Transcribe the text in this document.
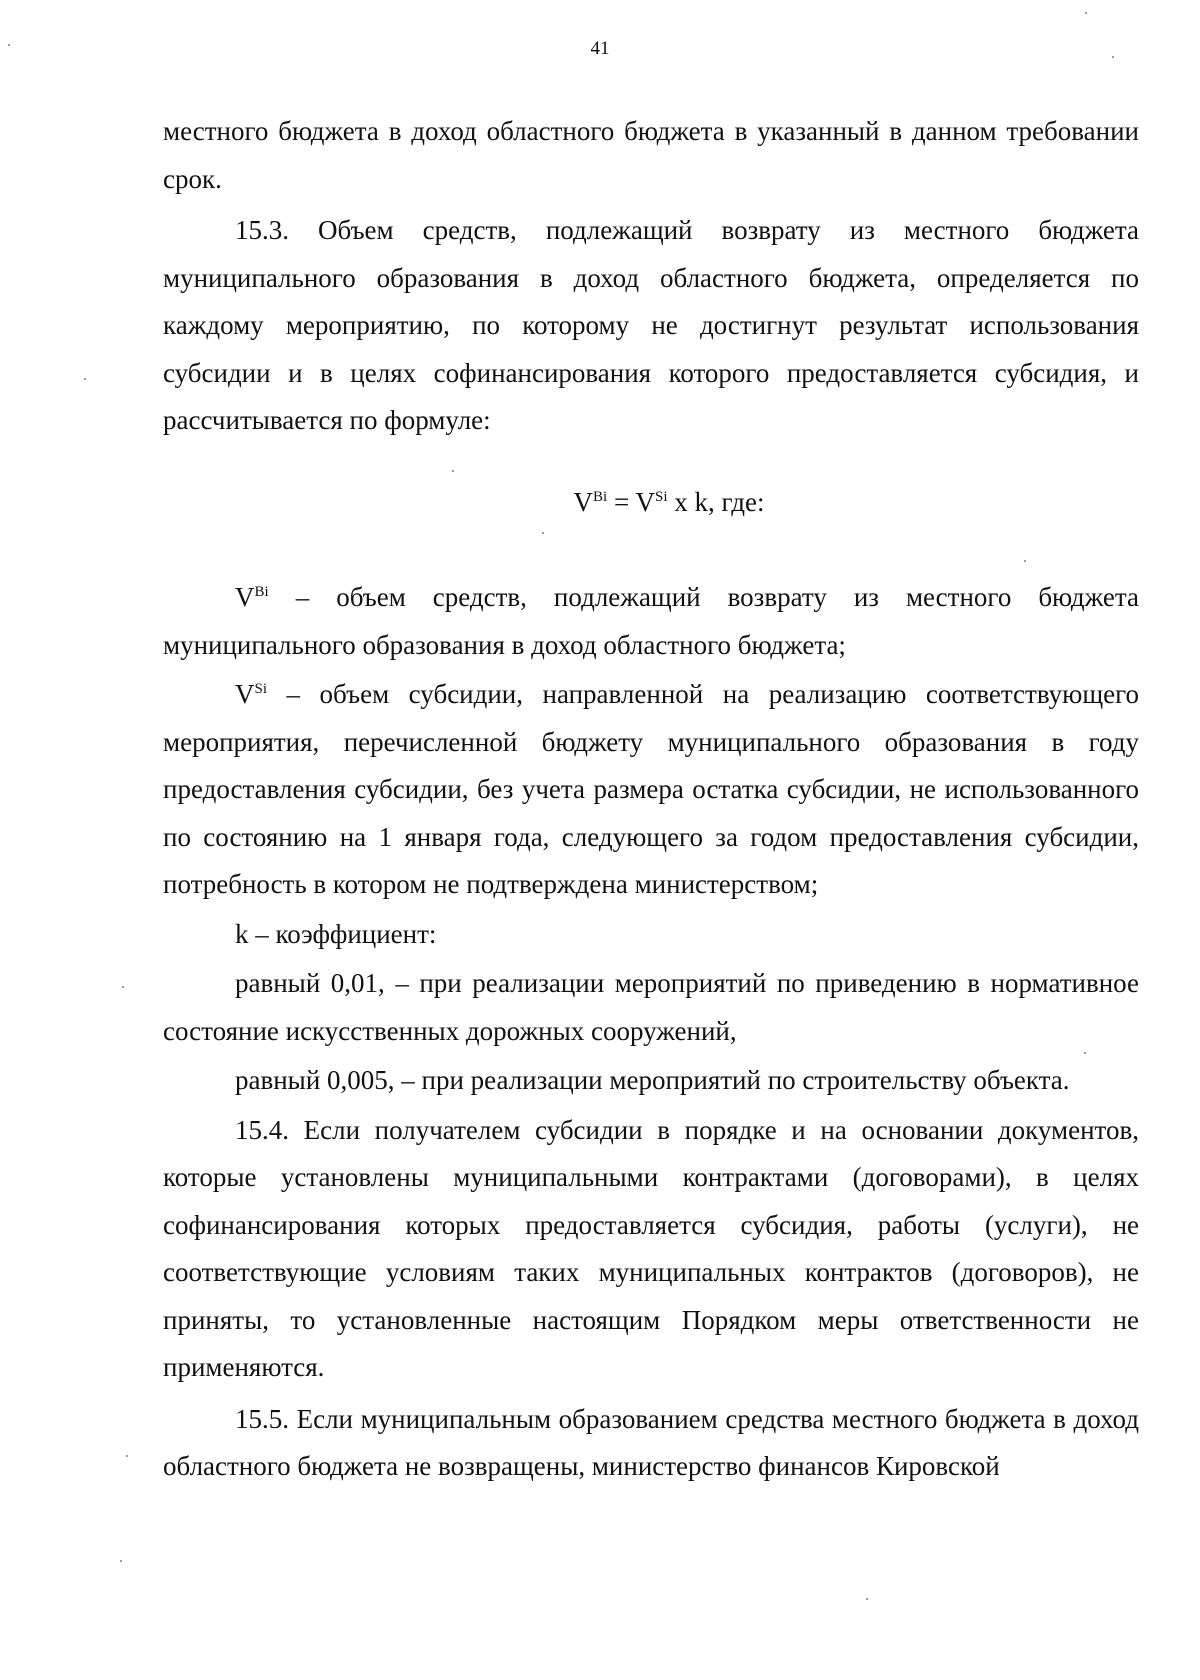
41

местного бюджета в доход областного бюджета в указанный в данном требовании срок.

15.3. Объем средств, подлежащий возврату из местного бюджета муниципального образования в доход областного бюджета, определяется по каждому мероприятию, по которому не достигнут результат использования субсидии и в целях софинансирования которого предоставляется субсидия, и рассчитывается по формуле:

$V^{Bi} = V^{Si}$ x k, где:

$V^{Bi}$ – объем средств, подлежащий возврату из местного бюджета муниципального образования в доход областного бюджета;

$V^{Si}$ – объем субсидии, направленной на реализацию соответствующего мероприятия, перечисленной бюджету муниципального образования в году предоставления субсидии, без учета размера остатка субсидии, не использованного по состоянию на 1 января года, следующего за годом предоставления субсидии, потребность в котором не подтверждена министерством;

k – коэффициент:

равный 0,01, – при реализации мероприятий по приведению в нормативное состояние искусственных дорожных сооружений,

равный 0,005, – при реализации мероприятий по строительству объекта.

15.4. Если получателем субсидии в порядке и на основании документов, которые установлены муниципальными контрактами (договорами), в целях софинансирования которых предоставляется субсидия, работы (услуги), не соответствующие условиям таких муниципальных контрактов (договоров), не приняты, то установленные настоящим Порядком меры ответственности не применяются.

15.5. Если муниципальным образованием средства местного бюджета в доход областного бюджета не возвращены, министерство финансов Кировской
